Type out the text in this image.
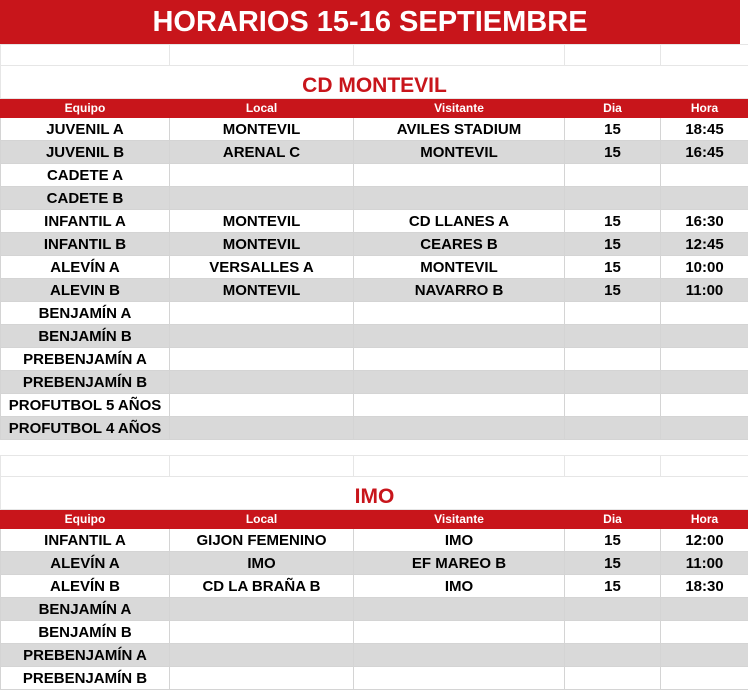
HORARIOS 15-16 SEPTIEMBRE

CD MONTEVIL				
Equipo	Local	Visitante	Dia	Hora
JUVENIL A	MONTEVIL	AVILES STADIUM	15	18:45
JUVENIL B	ARENAL C	MONTEVIL	15	16:45
CADETE A				
CADETE B				
INFANTIL A	MONTEVIL	CD LLANES A	15	16:30
INFANTIL B	MONTEVIL	CEARES B	15	12:45
ALEVÍN A	VERSALLES A	MONTEVIL	15	10:00
ALEVIN B	MONTEVIL	NAVARRO B	15	11:00
BENJAMÍN A				
BENJAMÍN B				
PREBENJAMÍN A				
PREBENJAMÍN B				
PROFUTBOL 5 AÑOS				
PROFUTBOL 4 AÑOS				

IMO				
Equipo	Local	Visitante	Dia	Hora
INFANTIL A	GIJON FEMENINO	IMO	15	12:00
ALEVÍN A	IMO	EF MAREO B	15	11:00
ALEVÍN B	CD LA BRAÑA B	IMO	15	18:30
BENJAMÍN A				
BENJAMÍN B				
PREBENJAMÍN A				
PREBENJAMÍN B				
